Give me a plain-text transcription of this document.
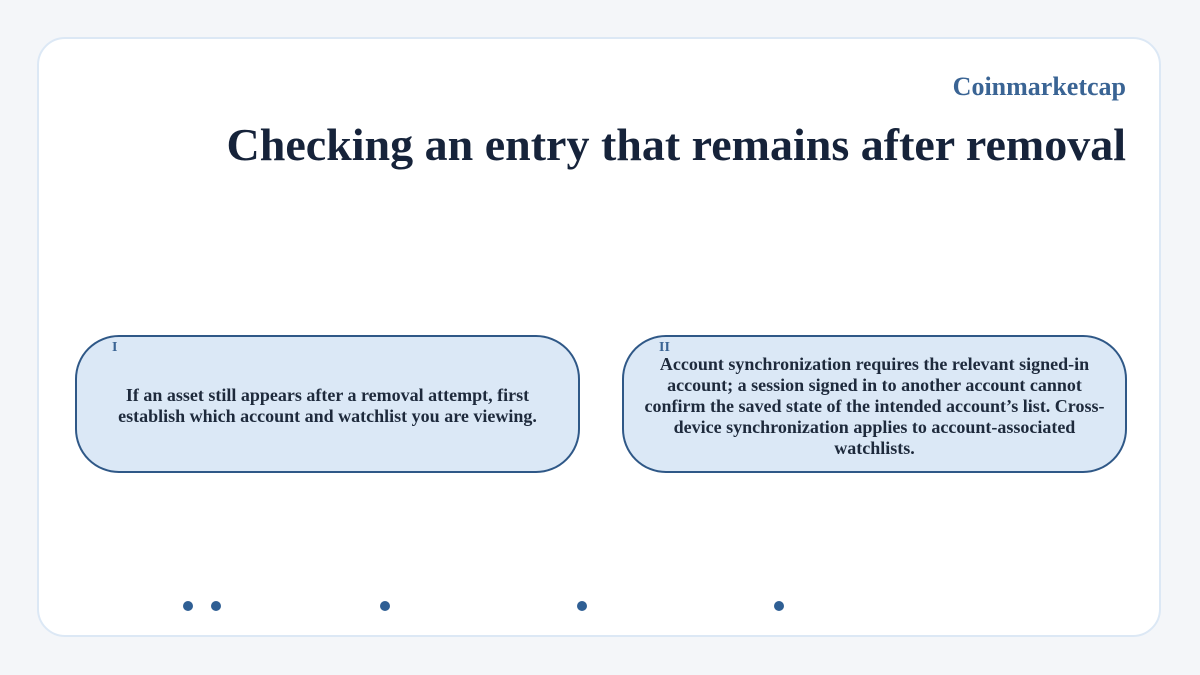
Coinmarketcap
Checking an entry that remains after removal
I

If an asset still appears after a removal attempt, first establish which account and watchlist you are viewing.

II

Account synchronization requires the relevant signed-in account; a session signed in to another account cannot confirm the saved state of the intended account’s list. Cross-device synchronization applies to account-associated watchlists.
